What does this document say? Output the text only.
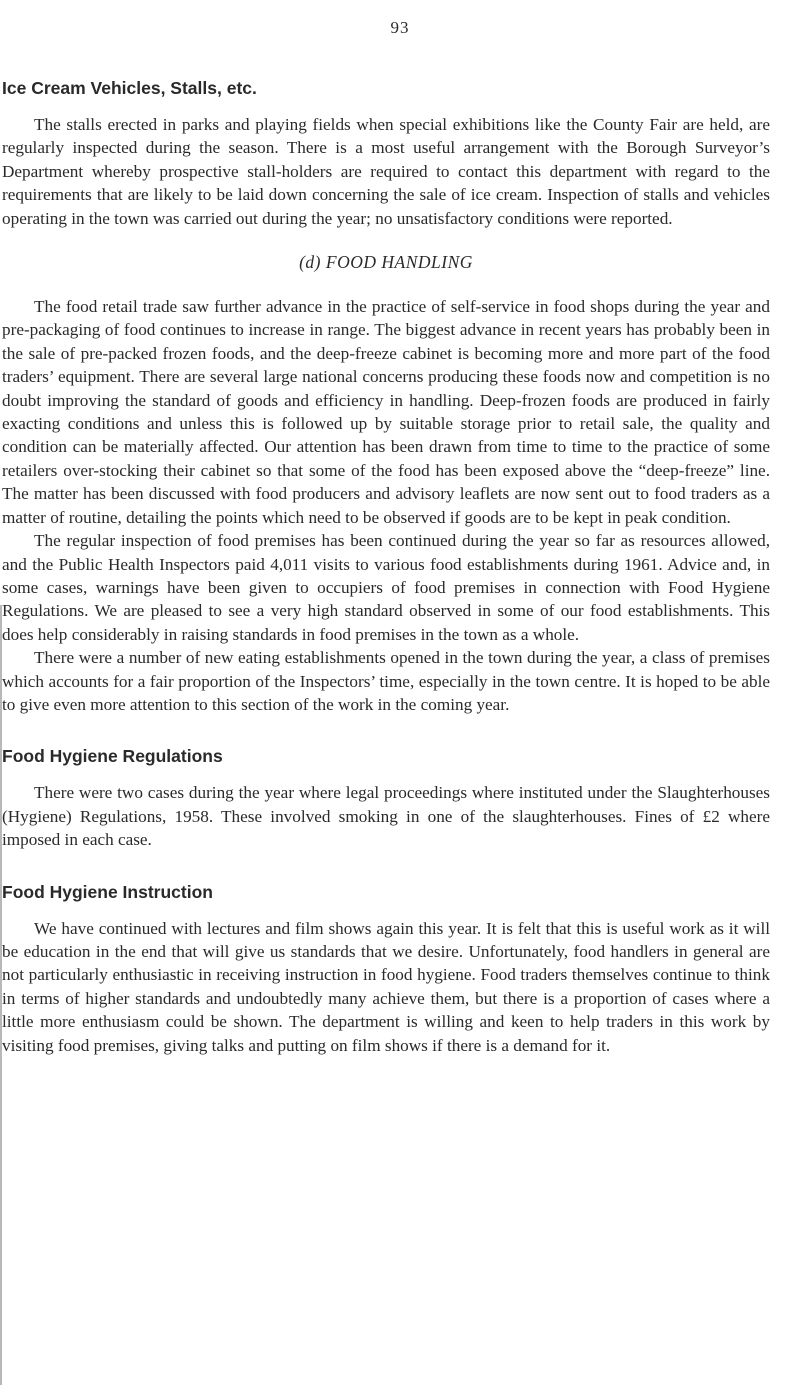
93
Ice Cream Vehicles, Stalls, etc.

The stalls erected in parks and playing fields when special exhibitions like the County Fair are held, are regularly inspected during the season. There is a most useful arrangement with the Borough Surveyor’s Department whereby prospective stall-holders are required to contact this department with regard to the requirements that are likely to be laid down concerning the sale of ice cream. Inspection of stalls and vehicles operating in the town was carried out during the year; no unsatisfactory conditions were reported.

(d) FOOD HANDLING

The food retail trade saw further advance in the practice of self-service in food shops during the year and pre-packaging of food continues to increase in range. The biggest advance in recent years has probably been in the sale of pre-packed frozen foods, and the deep-freeze cabinet is becoming more and more part of the food traders’ equipment. There are several large national concerns producing these foods now and competition is no doubt improving the standard of goods and efficiency in handling. Deep-frozen foods are produced in fairly exacting conditions and unless this is followed up by suitable storage prior to retail sale, the quality and condition can be materially affected. Our attention has been drawn from time to time to the practice of some retailers over-stocking their cabinet so that some of the food has been exposed above the “deep-freeze” line. The matter has been discussed with food producers and advisory leaflets are now sent out to food traders as a matter of routine, detailing the points which need to be observed if goods are to be kept in peak condition.

The regular inspection of food premises has been continued during the year so far as resources allowed, and the Public Health Inspectors paid 4,011 visits to various food establishments during 1961. Advice and, in some cases, warnings have been given to occupiers of food premises in connection with Food Hygiene Regulations. We are pleased to see a very high standard observed in some of our food establishments. This does help considerably in raising standards in food premises in the town as a whole.

There were a number of new eating establishments opened in the town during the year, a class of premises which accounts for a fair proportion of the Inspectors’ time, especially in the town centre. It is hoped to be able to give even more attention to this section of the work in the coming year.

Food Hygiene Regulations

There were two cases during the year where legal proceedings where instituted under the Slaughterhouses (Hygiene) Regulations, 1958. These involved smoking in one of the slaughterhouses. Fines of £2 where imposed in each case.

Food Hygiene Instruction

We have continued with lectures and film shows again this year. It is felt that this is useful work as it will be education in the end that will give us standards that we desire. Unfortunately, food handlers in general are not particularly enthusiastic in receiving instruction in food hygiene. Food traders themselves continue to think in terms of higher standards and undoubtedly many achieve them, but there is a proportion of cases where a little more enthusiasm could be shown. The department is willing and keen to help traders in this work by visiting food premises, giving talks and putting on film shows if there is a demand for it.
